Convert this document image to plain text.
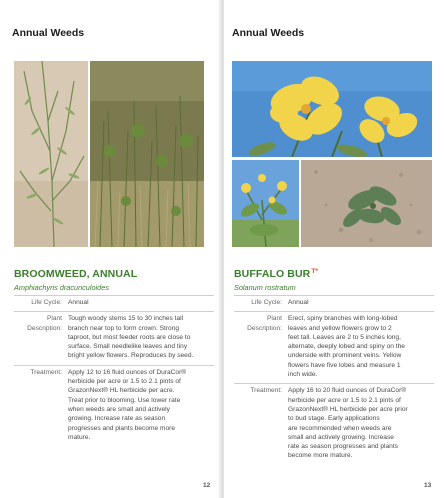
Annual Weeds
BROOMWEED, ANNUAL
Amphiachyris dracunculoides
Life Cycle: Annual
Plant
Description:
Tough woody stems 15 to 30 inches tall
branch near top to form crown. Strong
taproot, but most feeder roots are close to
surface. Small needlelike leaves and tiny
bright yellow flowers. Reproduces by seed.
Treatment: Apply 12 to 16 fluid ounces of DuraCor®
herbicide per acre or 1.5 to 2.1 pints of
GrazonNext® HL herbicide per acre.
Treat prior to blooming. Use lower rate
when weeds are small and actively
growing. Increase rate as season
progresses and plants become more
mature.
12
Annual Weeds
BUFFALO $BUR^{T*}$
Solanum rostratum
Life Cycle: Annual
Plant
Description:
Erect, spiny branches with long-lobed
leaves and yellow flowers grow to 2
feet tall. Leaves are 2 to 5 inches long,
alternate, deeply lobed and spiny on the
underside with prominent veins. Yellow
flowers have five lobes and measure 1
inch wide.
Treatment: Apply 16 to 20 fluid ounces of DuraCor®
herbicide per acre or 1.5 to 2.1 pints of
GrazonNext® HL herbicide per acre prior
to bud stage. Early applications
are recommended when weeds are
small and actively growing. Increase
rate as season progresses and plants
become more mature.
13
